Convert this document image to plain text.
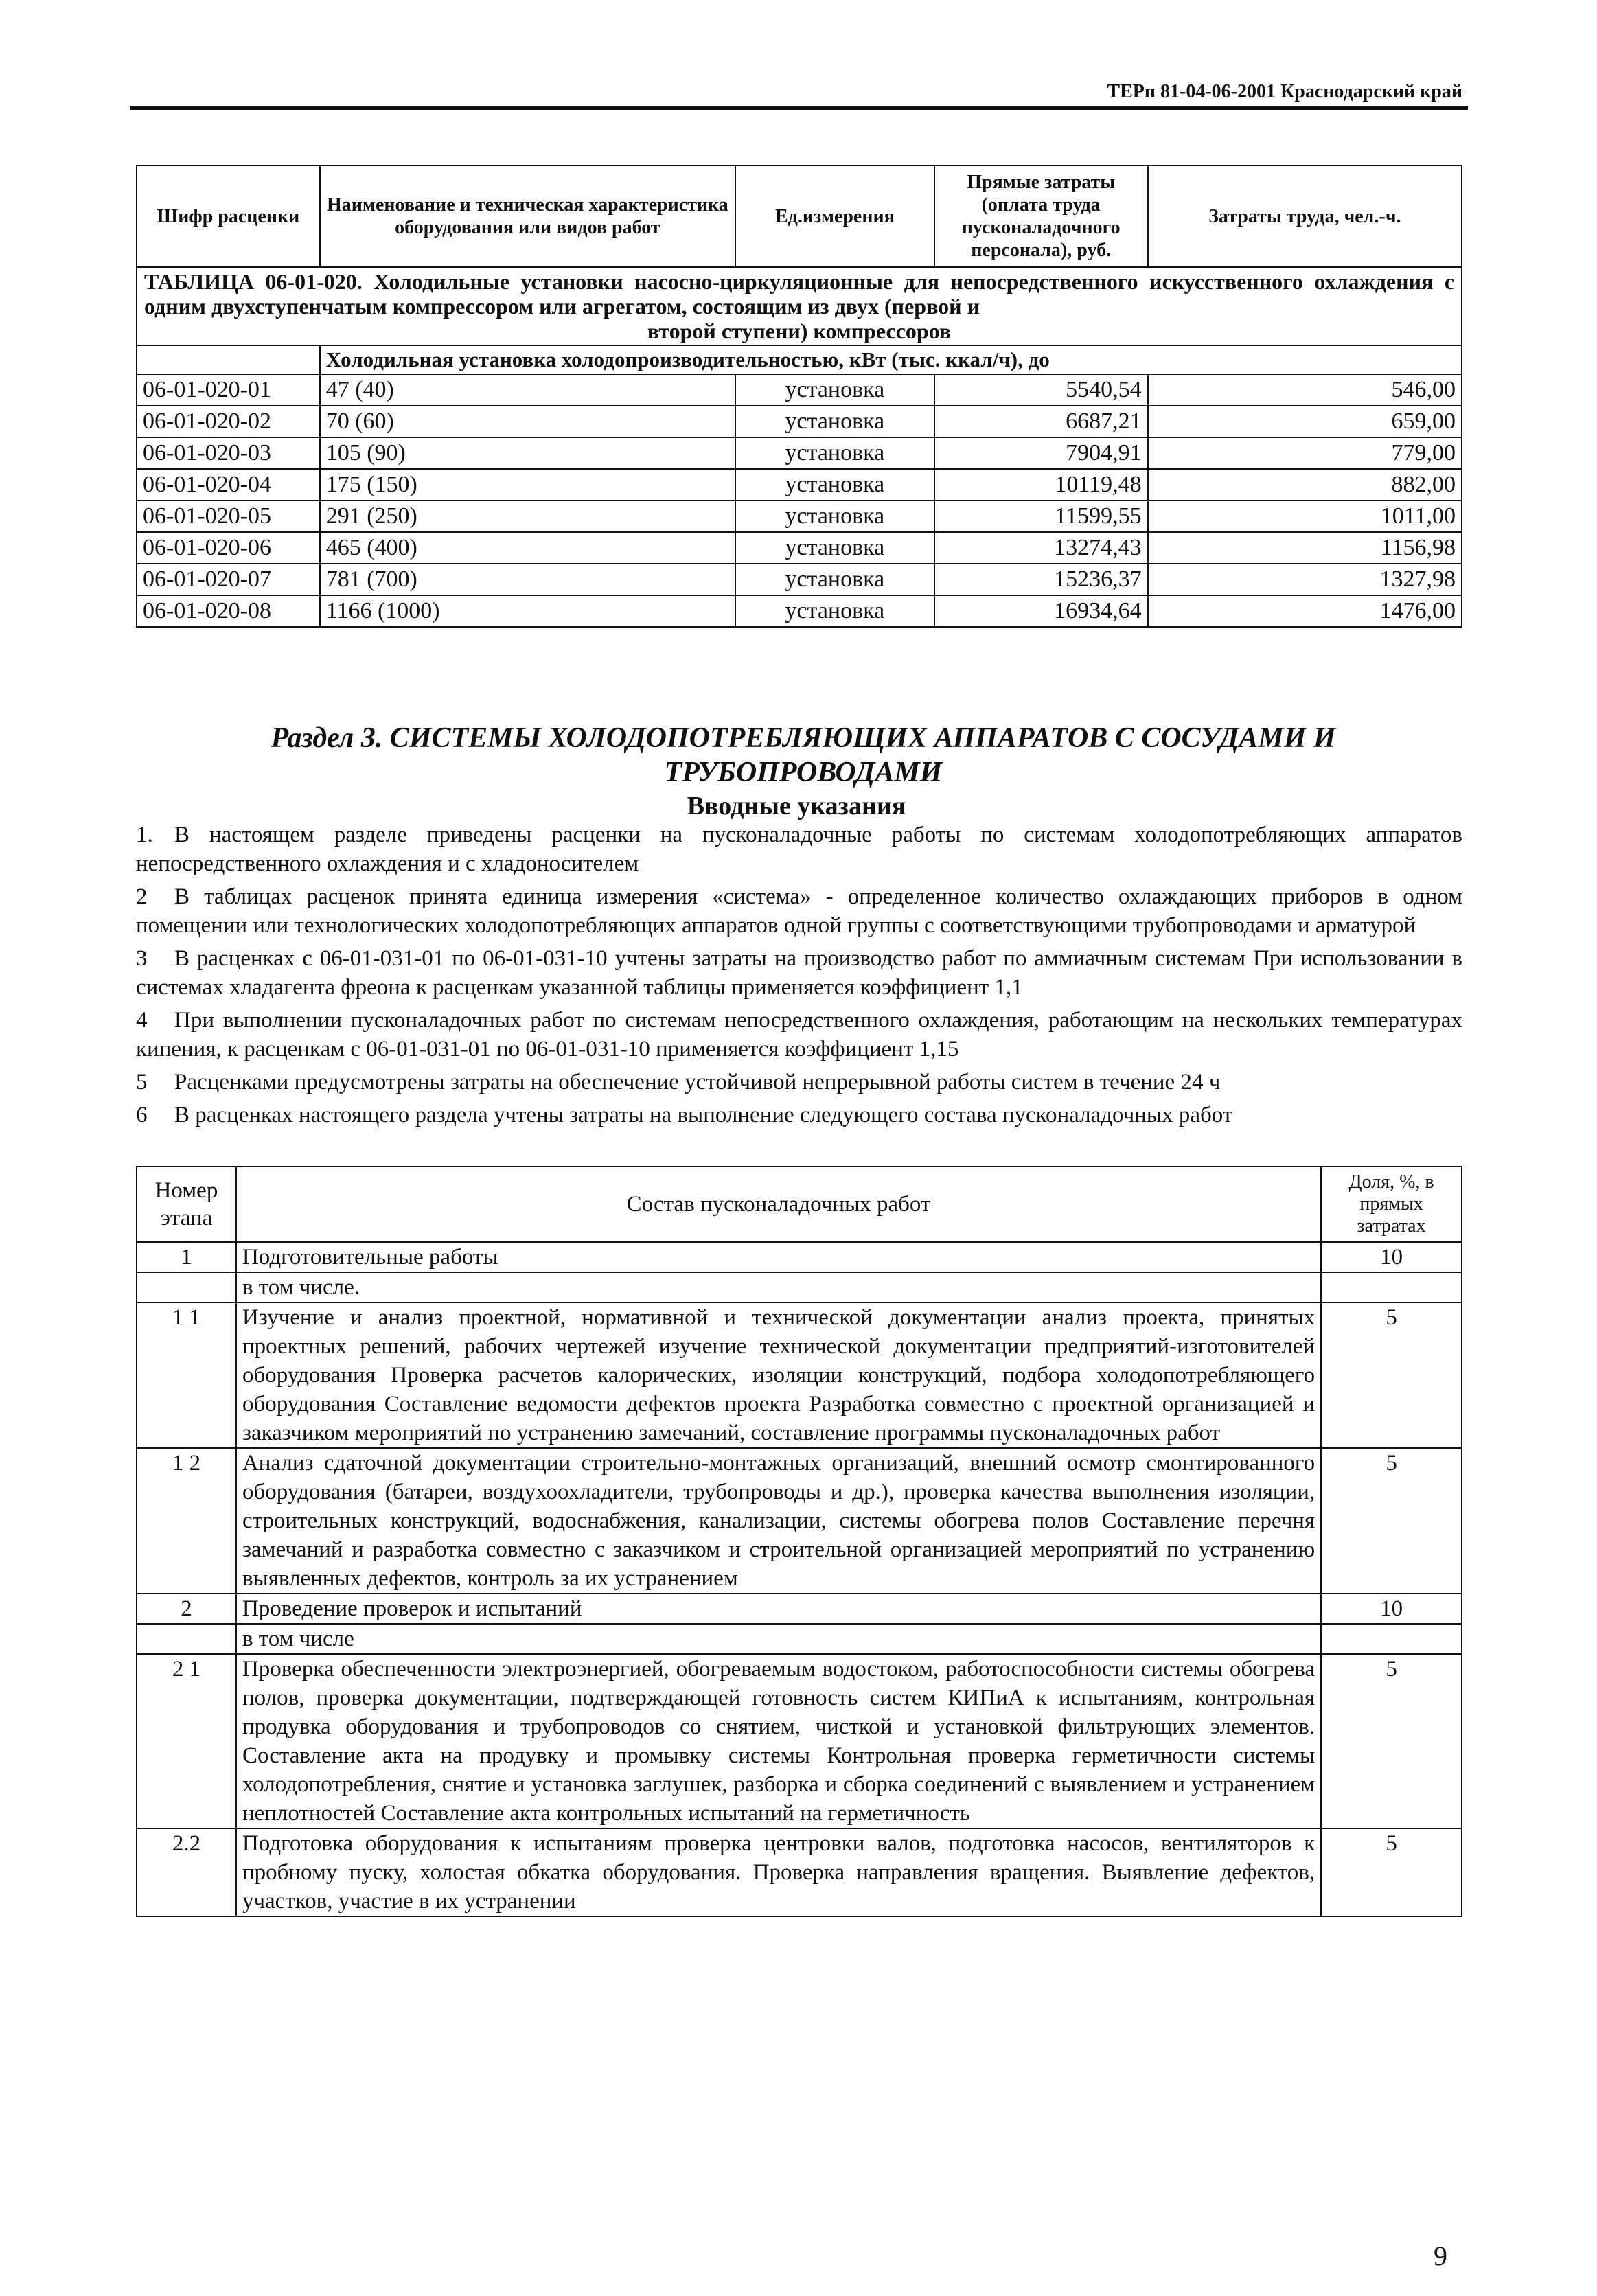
ТЕРп 81-04-06-2001 Краснодарский край
Шифр расценки	Наименование и техническая характеристика оборудования или видов работ	Ед.измерения	Прямые затраты (оплата труда пусконаладочного персонала), руб.	Затраты труда, чел.-ч.
ТАБЛИЦА 06-01-020. Холодильные установки насосно-циркуляционные для непосредственного искусственного охлаждения с одним двухступенчатым компрессором или агрегатом, состоящим из двух (первой и
второй ступени) компрессоров				

	Холодильная установка холодопроизводительностью, кВт (тыс. ккал/ч), до			
06-01-020-01	47 (40)	установка	5540,54	546,00
06-01-020-02	70 (60)	установка	6687,21	659,00
06-01-020-03	105 (90)	установка	7904,91	779,00
06-01-020-04	175 (150)	установка	10119,48	882,00
06-01-020-05	291 (250)	установка	11599,55	1011,00
06-01-020-06	465 (400)	установка	13274,43	1156,98
06-01-020-07	781 (700)	установка	15236,37	1327,98
06-01-020-08	1166 (1000)	установка	16934,64	1476,00
Раздел 3. СИСТЕМЫ ХОЛОДОПОТРЕБЛЯЮЩИХ АППАРАТОВ С СОСУДАМИ И ТРУБОПРОВОДАМИ
Вводные указания

1. В настоящем разделе приведены расценки на пусконаладочные работы по системам холодопотребляющих аппаратов непосредственного охлаждения и с хладоносителем

2 В таблицах расценок принята единица измерения «система» - определенное количество охлаждающих приборов в одном помещении или технологических холодопотребляющих аппаратов одной группы с соответствующими трубопроводами и арматурой

3 В расценках с 06-01-031-01 по 06-01-031-10 учтены затраты на производство работ по аммиачным системам При использовании в системах хладагента фреона к расценкам указанной таблицы применяется коэффициент 1,1

4 При выполнении пусконаладочных работ по системам непосредственного охлаждения, работающим на нескольких температурах кипения, к расценкам с 06-01-031-01 по 06-01-031-10 применяется коэффициент 1,15

5 Расценками предусмотрены затраты на обеспечение устойчивой непрерывной работы систем в течение 24 ч

6 В расценках настоящего раздела учтены затраты на выполнение следующего состава пусконаладочных работ

Номер этапа	Состав пусконаладочных работ	Доля, %, в прямых затратах
1	Подготовительные работы	10
	в том числе.	
1 1	Изучение и анализ проектной, нормативной и технической документации анализ проекта, принятых проектных решений, рабочих чертежей изучение технической документации предприятий-изготовителей оборудования Проверка расчетов калорических, изоляции конструкций, подбора холодопотребляющего оборудования Составление ведомости дефектов проекта Разработка совместно с проектной организацией и заказчиком мероприятий по устранению замечаний, составление программы пусконаладочных работ	5
1 2	Анализ сдаточной документации строительно-монтажных организаций, внешний осмотр смонтированного оборудования (батареи, воздухоохладители, трубопроводы и др.), проверка качества выполнения изоляции, строительных конструкций, водоснабжения, канализации, системы обогрева полов Составление перечня замечаний и разработка совместно с заказчиком и строительной организацией мероприятий по устранению выявленных дефектов, контроль за их устранением	5
2	Проведение проверок и испытаний	10
	в том числе	
2 1	Проверка обеспеченности электроэнергией, обогреваемым водостоком, работоспособности системы обогрева полов, проверка документации, подтверждающей готовность систем КИПиА к испытаниям, контрольная продувка оборудования и трубопроводов со снятием, чисткой и установкой фильтрующих элементов. Составление акта на продувку и промывку системы Контрольная проверка герметичности системы холодопотребления, снятие и установка заглушек, разборка и сборка соединений с выявлением и устранением неплотностей Составление акта контрольных испытаний на герметичность	5
2.2	Подготовка оборудования к испытаниям проверка центровки валов, подготовка насосов, вентиляторов к пробному пуску, холостая обкатка оборудования. Проверка направления вращения. Выявление дефектов, участков, участие в их устранении	5
9
